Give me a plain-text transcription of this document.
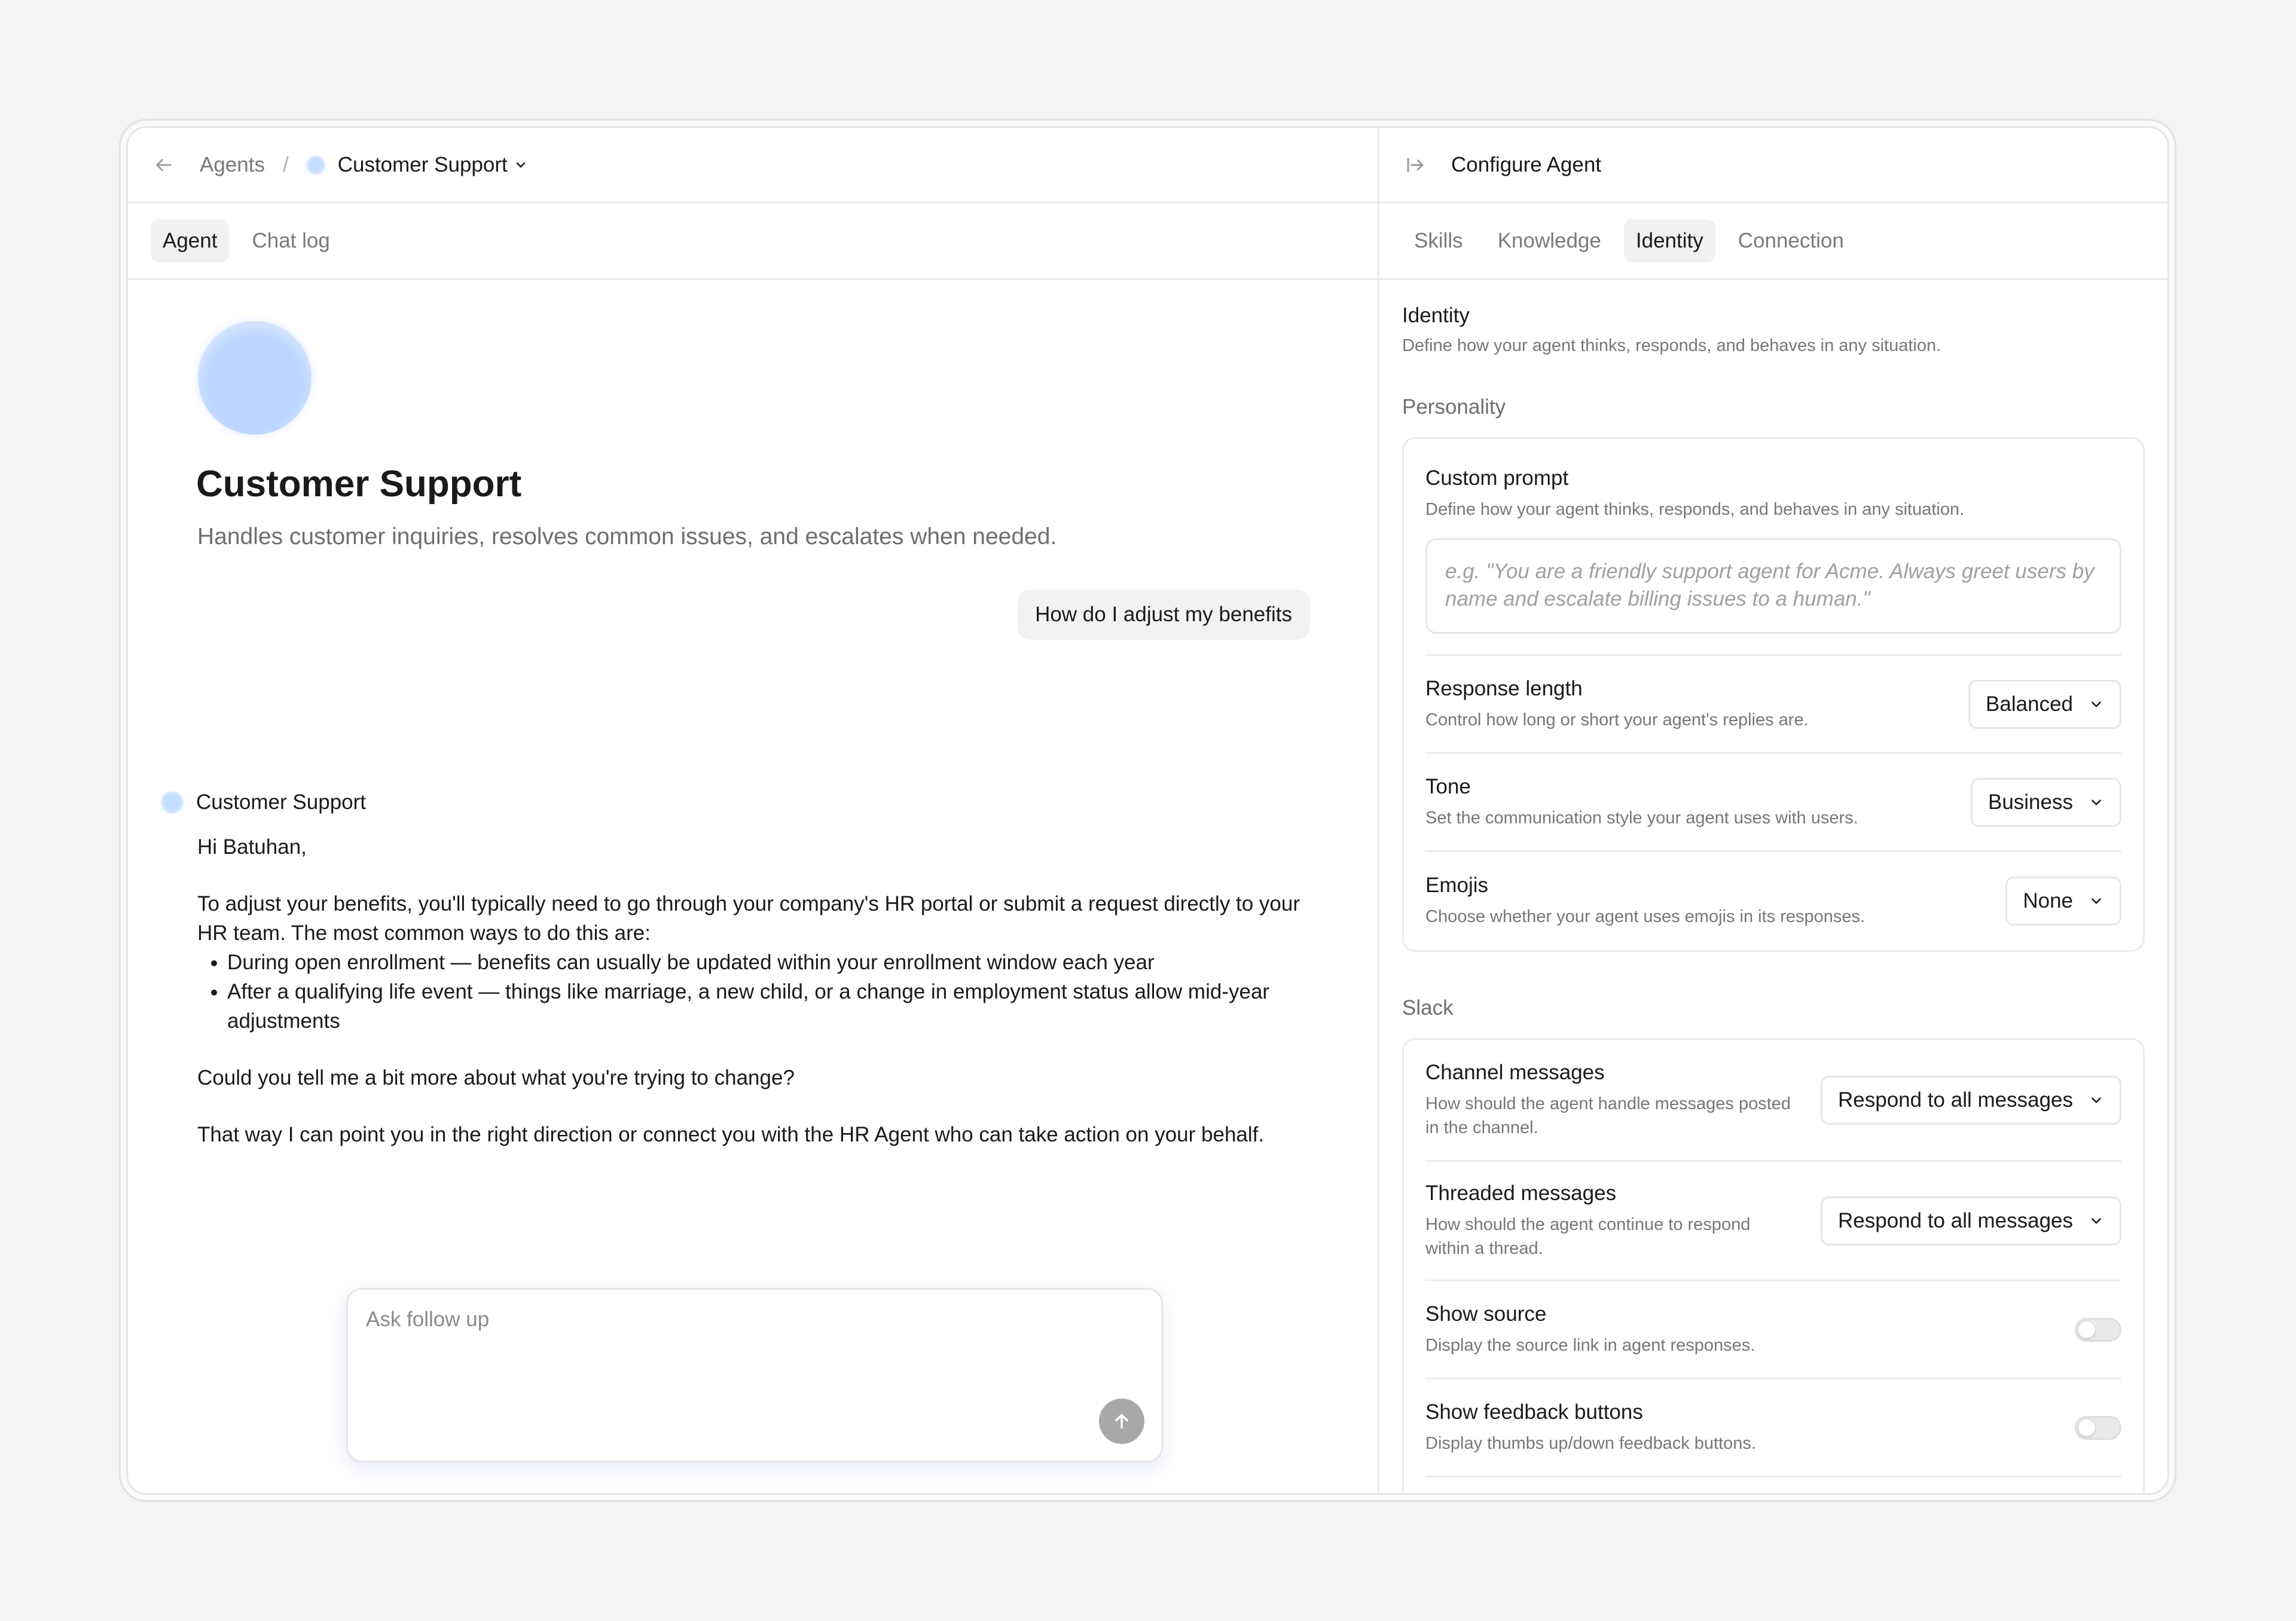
Agents / Customer Support
Agent	Chat log
Customer Support
Handles customer inquiries, resolves common issues, and escalates when needed.
How do I adjust my benefits
Customer Support

Hi Batuhan,

To adjust your benefits, you'll typically need to go through your company's HR portal or submit a request directly to your HR team. The most common ways to do this are:

• During open enrollment — benefits can usually be updated within your enrollment window each year
• After a qualifying life event — things like marriage, a new child, or a change in employment status allow mid-year adjustments

Could you tell me a bit more about what you're trying to change?

That way I can point you in the right direction or connect you with the HR Agent who can take action on your behalf.

Ask follow up
Configure Agent
Skills	Knowledge	Identity	Connection
Identity
Define how your agent thinks, responds, and behaves in any situation.
Personality
Custom prompt
Define how your agent thinks, responds, and behaves in any situation.
e.g. "You are a friendly support agent for Acme. Always greet users by name and escalate billing issues to a human."
Response length
Control how long or short your agent's replies are.
Balanced
Tone
Set the communication style your agent uses with users.
Business
Emojis
Choose whether your agent uses emojis in its responses.
None
Slack
Channel messages
How should the agent handle messages posted in the channel.
Respond to all messages
Threaded messages
How should the agent continue to respond within a thread.
Respond to all messages
Show source
Display the source link in agent responses.
Show feedback buttons
Display thumbs up/down feedback buttons.
